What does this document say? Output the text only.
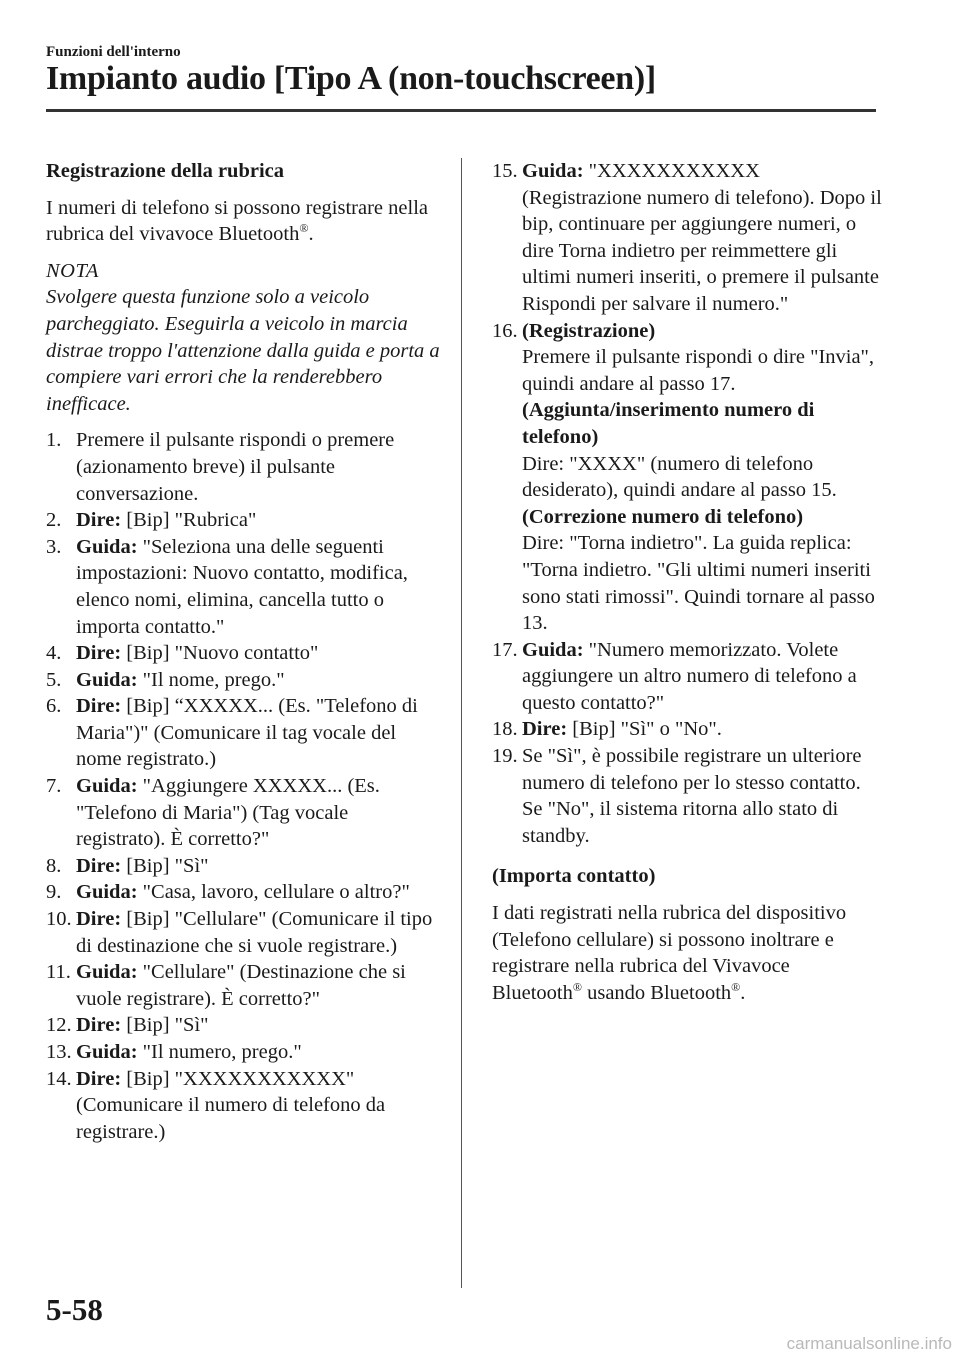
Funzioni dell'interno
Impianto audio [Tipo A (non-touchscreen)]
Registrazione della rubrica

I numeri di telefono si possono registrare nella rubrica del vivavoce Bluetooth®.

NOTA
Svolgere questa funzione solo a veicolo parcheggiato. Eseguirla a veicolo in marcia distrae troppo l'attenzione dalla guida e porta a compiere vari errori che la renderebbero inefficace.
1. Premere il pulsante rispondi o premere (azionamento breve) il pulsante conversazione.
2. Dire: [Bip] "Rubrica"
3. Guida: "Seleziona una delle seguenti impostazioni: Nuovo contatto, modifica, elenco nomi, elimina, cancella tutto o importa contatto."
4. Dire: [Bip] "Nuovo contatto"
5. Guida: "Il nome, prego."
6. Dire: [Bip] “XXXXX... (Es. "Telefono di Maria")" (Comunicare il tag vocale del nome registrato.)
7. Guida: "Aggiungere XXXXX... (Es. "Telefono di Maria") (Tag vocale registrato). È corretto?"
8. Dire: [Bip] "Sì"
9. Guida: "Casa, lavoro, cellulare o altro?"
10. Dire: [Bip] "Cellulare" (Comunicare il tipo di destinazione che si vuole registrare.)
11. Guida: "Cellulare" (Destinazione che si vuole registrare). È corretto?"
12. Dire: [Bip] "Sì"
13. Guida: "Il numero, prego."
14. Dire: [Bip] "XXXXXXXXXXX" (Comunicare il numero di telefono da registrare.)
15. Guida: "XXXXXXXXXXX (Registrazione numero di telefono). Dopo il bip, continuare per aggiungere numeri, o dire Torna indietro per reimmettere gli ultimi numeri inseriti, o premere il pulsante Rispondi per salvare il numero."
16. (Registrazione)
Premere il pulsante rispondi o dire "Invia", quindi andare al passo 17.
(Aggiunta/inserimento numero di telefono)
Dire: "XXXX" (numero di telefono desiderato), quindi andare al passo 15.
(Correzione numero di telefono)
Dire: "Torna indietro". La guida replica: "Torna indietro. "Gli ultimi numeri inseriti sono stati rimossi". Quindi tornare al passo 13.
17. Guida: "Numero memorizzato. Volete aggiungere un altro numero di telefono a questo contatto?"
18. Dire: [Bip] "Sì" o "No".
19. Se "Sì", è possibile registrare un ulteriore numero di telefono per lo stesso contatto.
Se "No", il sistema ritorna allo stato di standby.
(Importa contatto)

I dati registrati nella rubrica del dispositivo (Telefono cellulare) si possono inoltrare e registrare nella rubrica del Vivavoce Bluetooth® usando Bluetooth®.

5-58
carmanualsonline.info
